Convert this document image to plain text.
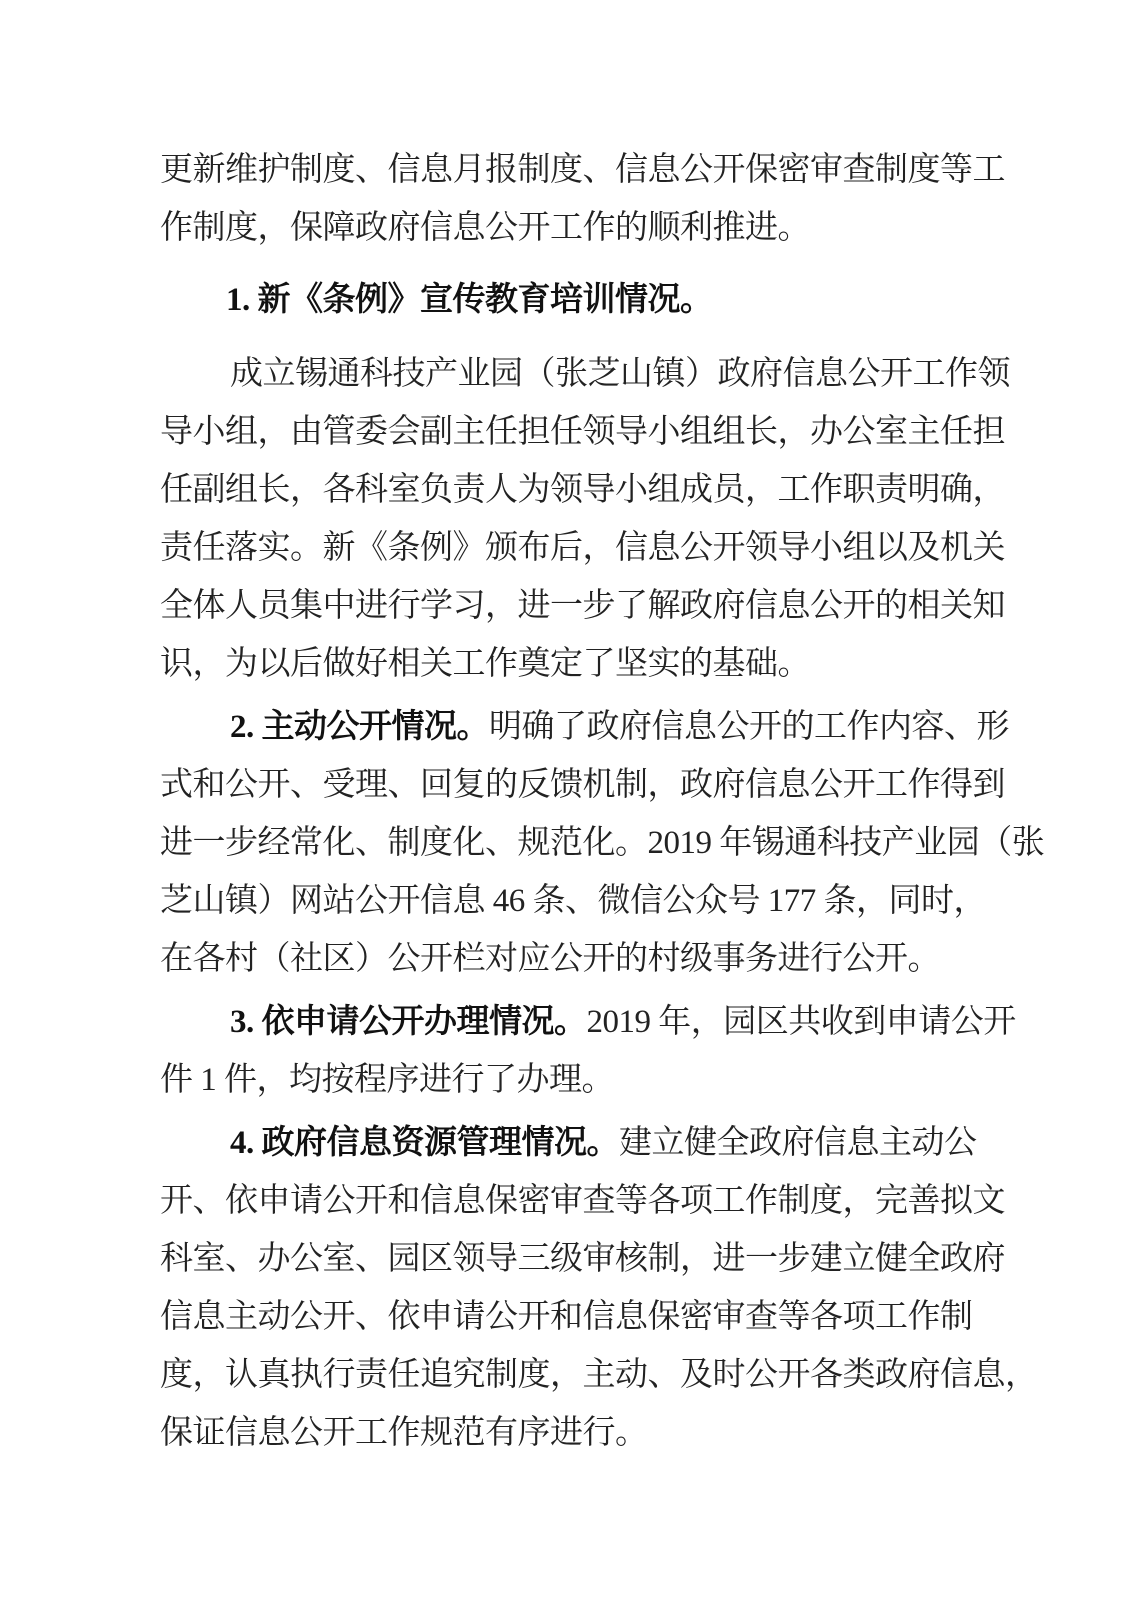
更新维护制度、信息月报制度、信息公开保密审查制度等工
作制度，保障政府信息公开工作的顺利推进。
1. 新《条例》宣传教育培训情况。
成立锡通科技产业园（张芝山镇）政府信息公开工作领
导小组，由管委会副主任担任领导小组组长，办公室主任担
任副组长，各科室负责人为领导小组成员，工作职责明确，
责任落实。新《条例》颁布后，信息公开领导小组以及机关
全体人员集中进行学习，进一步了解政府信息公开的相关知
识，为以后做好相关工作奠定了坚实的基础。
2. 主动公开情况。明确了政府信息公开的工作内容、形
式和公开、受理、回复的反馈机制，政府信息公开工作得到
进一步经常化、制度化、规范化。2019 年锡通科技产业园（张
芝山镇）网站公开信息 46 条、微信公众号 177 条，同时，
在各村（社区）公开栏对应公开的村级事务进行公开。
3. 依申请公开办理情况。2019 年，园区共收到申请公开
件 1 件，均按程序进行了办理。
4. 政府信息资源管理情况。建立健全政府信息主动公
开、依申请公开和信息保密审查等各项工作制度，完善拟文
科室、办公室、园区领导三级审核制，进一步建立健全政府
信息主动公开、依申请公开和信息保密审查等各项工作制
度，认真执行责任追究制度，主动、及时公开各类政府信息，
保证信息公开工作规范有序进行。
